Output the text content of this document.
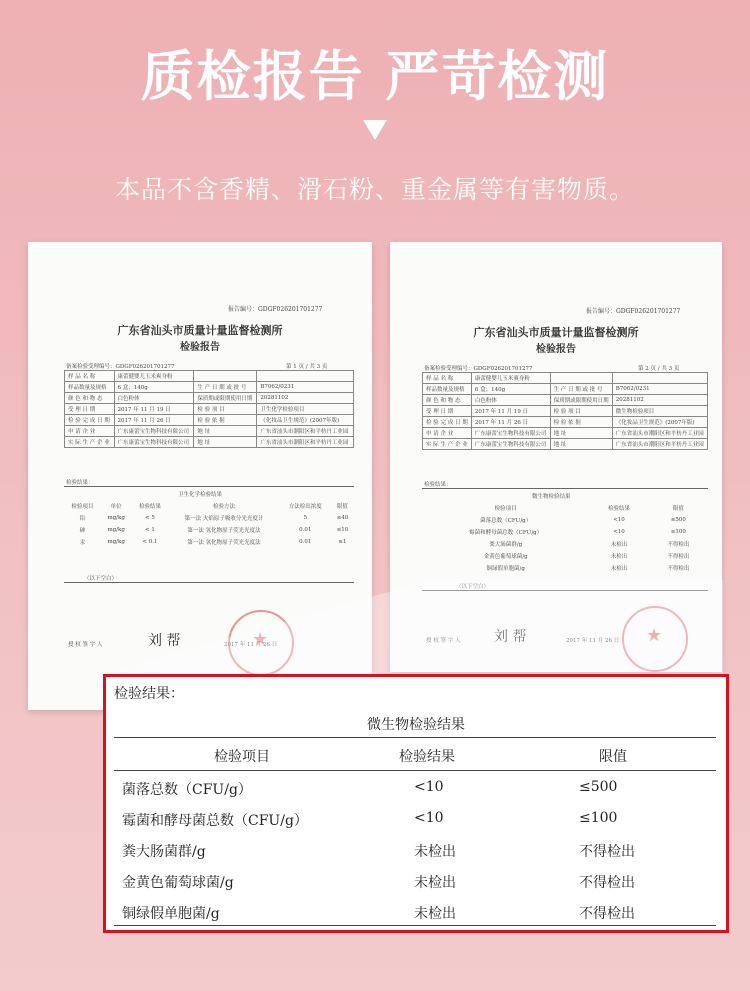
质检报告 严苛检测
本品不含香精、滑石粉、重金属等有害物质。
报告编号：GDGF026201701277
广东省汕头市质量计量监督检测所
检验报告
备案检验受理编号：GDGF026201701277	第 1 页 / 共 3 页
样 品 名 称	康蕾健婴儿玉米爽身粉		
样品数量及规格	6 盒；140g	生 产 日 期 或 批 号	B7062/0231
颜 色 和 物 态	白色粉体	保质期或限期使用日期	20281102
受 理 日 期	2017 年 11 月 19 日	检 验 项 目	卫生化学检验项目
检 验 完 成 日 期	2017 年 11 月 26 日	检 验 依 据	《化妆品卫生规范》(2007年版)
申 请 企 业	广东康蕾宝生物科技有限公司	地 址	广东省汕头市潮阳区和平枋丹工业园
实 际 生 产 企 业	广东康蕾宝生物科技有限公司	地 址	广东省汕头市潮阳区和平枋丹工业园
检验结果：
卫生化学检验结果
检验项目	单位	检验结果	检验方法	方法检出浓度	限值
铅	mg/kg	< 5	第一法 火焰原子吸收分光光度计	5	≤40
砷	mg/kg	< 1	第一法 氢化物原子荧光光度法	0.01	≤10
汞	mg/kg	< 0.1	第一法 氢化物原子荧光光度法	0.01	≤1
（以下空白）
授 权 签 字 人	刘 帮
★
报告编号：GDGF026201701277
广东省汕头市质量计量监督检测所
检验报告
备案检验受理编号：GDGF026201701277	第 2 页 / 共 3 页
样 品 名 称	康蕾健婴儿玉米爽身粉		
样品数量及规格	6 盒；140g	生 产 日 期 或 批 号	B7062/0231
颜 色 和 物 态	白色粉体	保质期或限期使用日期	20281102
受 理 日 期	2017 年 11 月 19 日	检 验 项 目	微生物检验项目
检 验 完 成 日 期	2017 年 11 月 26 日	检 验 依 据	《化妆品卫生规范》(2007年版)
申 请 企 业	广东康蕾宝生物科技有限公司	地 址	广东省汕头市潮阳区和平枋丹工业园
实 际 生 产 企 业	广东康蕾宝生物科技有限公司	地 址	广东省汕头市潮阳区和平枋丹工业园
检验结果：
微生物检验结果
检验项目	检验结果	限值
菌落总数（CFU/g）	<10	≤500
霉菌和酵母菌总数（CFU/g）	<10	≤100
粪大肠菌群/g	未检出	不得检出
金黄色葡萄球菌/g	未检出	不得检出
铜绿假单胞菌/g	未检出	不得检出
★
检验结果：
微生物检验结果
检验项目	检验结果	限值
菌落总数（CFU/g）	<10	≤500
霉菌和酵母菌总数（CFU/g）	<10	≤100
粪大肠菌群/g	未检出	不得检出
金黄色葡萄球菌/g	未检出	不得检出
铜绿假单胞菌/g	未检出	不得检出
